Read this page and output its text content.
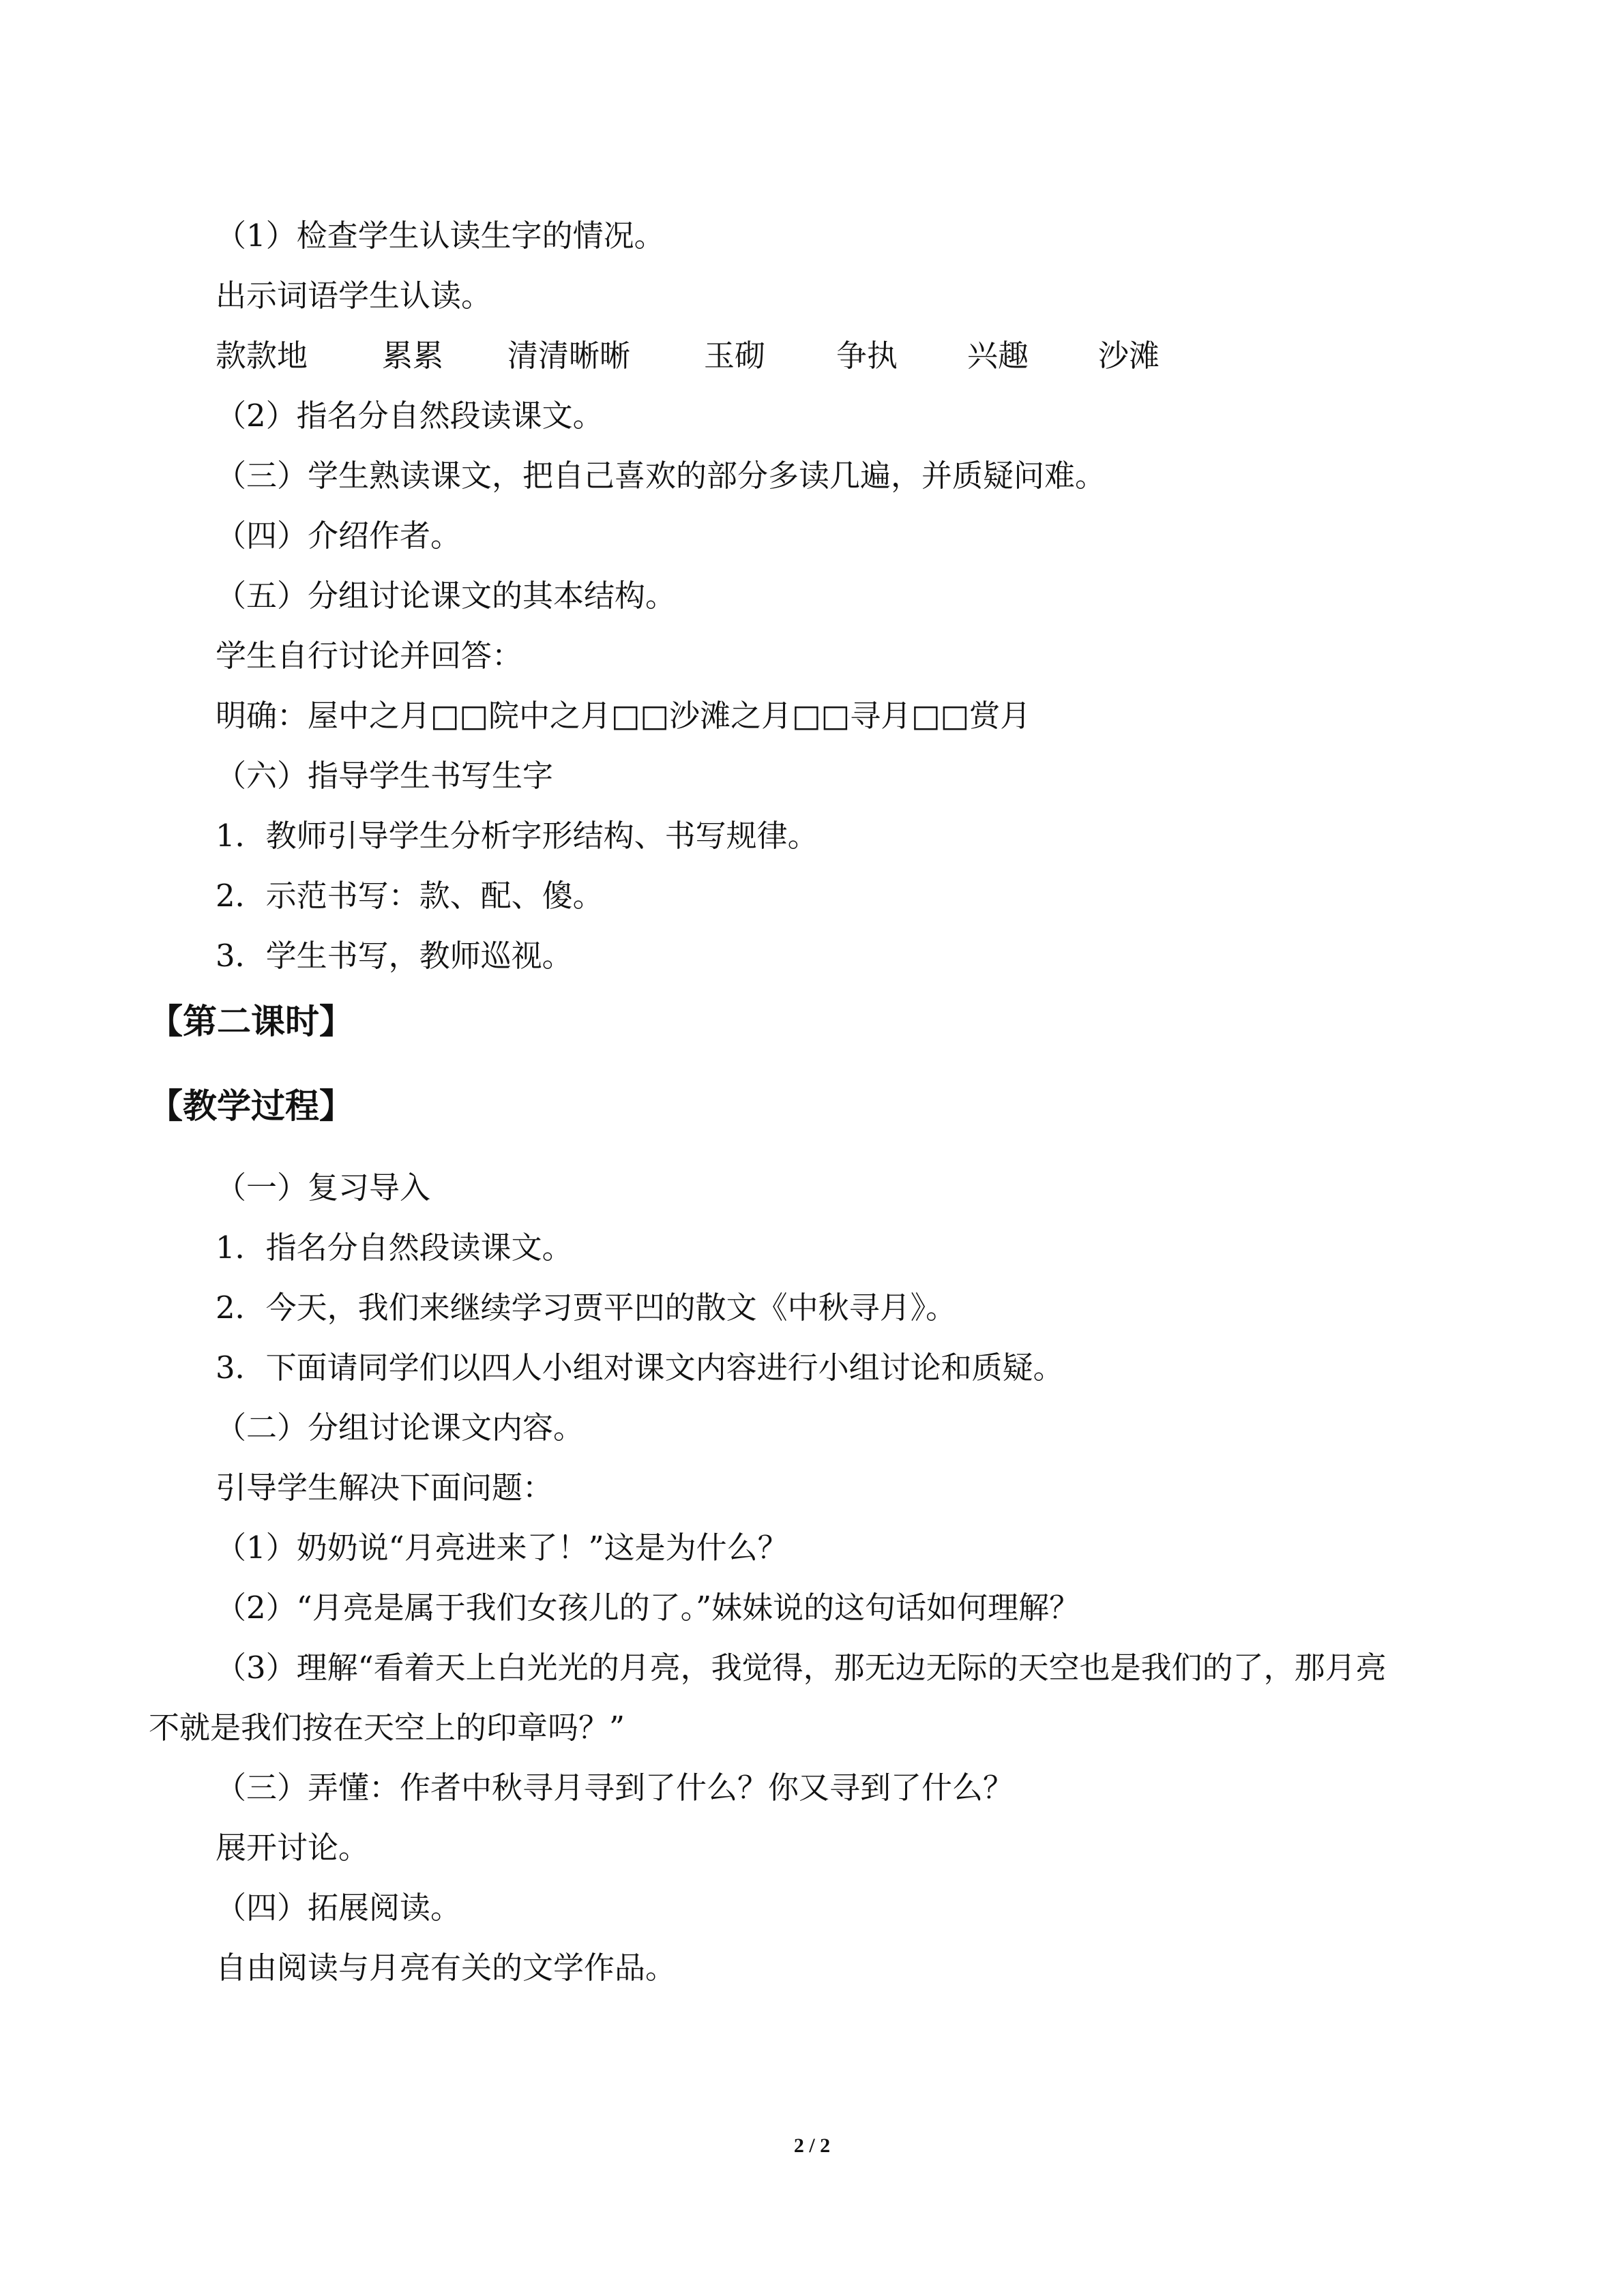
（1）检查学生认读生字的情况。
出示词语学生认读。
款款地 累累 清清晰晰 玉砌 争执 兴趣 沙滩
（2）指名分自然段读课文。
（三）学生熟读课文，把自己喜欢的部分多读几遍，并质疑问难。
（四）介绍作者。
（五）分组讨论课文的其本结构。
学生自行讨论并回答：
明确：屋中之月□□院中之月□□沙滩之月□□寻月□□赏月
（六）指导学生书写生字
1．教师引导学生分析字形结构、书写规律。
2．示范书写：款、配、傻。
3．学生书写，教师巡视。
【第二课时】
【教学过程】
（一）复习导入
1．指名分自然段读课文。
2．今天，我们来继续学习贾平凹的散文《中秋寻月》。
3．下面请同学们以四人小组对课文内容进行小组讨论和质疑。
（二）分组讨论课文内容。
引导学生解决下面问题：
（1）奶奶说“月亮进来了！”这是为什么？
（2）“月亮是属于我们女孩儿的了。”妹妹说的这句话如何理解？
（3）理解“看着天上白光光的月亮，我觉得，那无边无际的天空也是我们的了，那月亮
不就是我们按在天空上的印章吗？”
（三）弄懂：作者中秋寻月寻到了什么？你又寻到了什么？
展开讨论。
（四）拓展阅读。
自由阅读与月亮有关的文学作品。
2 / 2
